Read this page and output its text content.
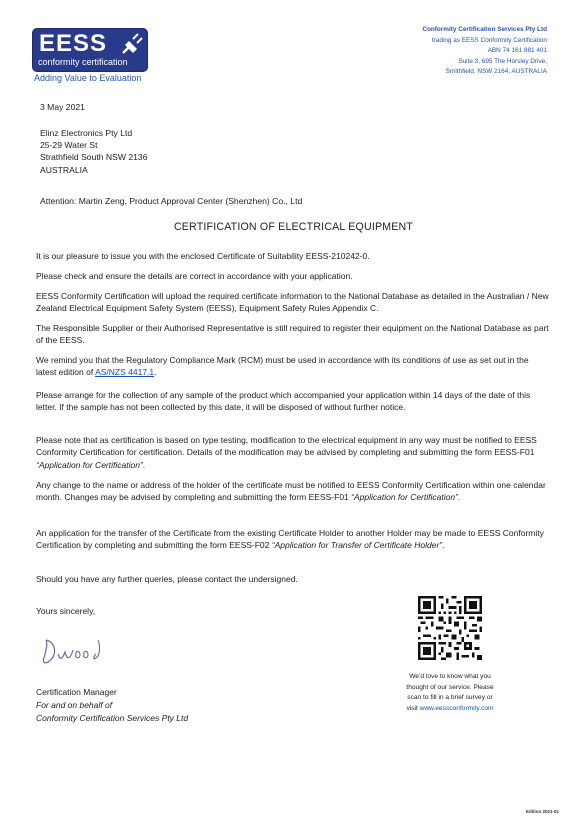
EESS
conformity certification
Adding Value to Evaluation
Conformity Certification Services Pty Ltd
trading as EESS Conformity Certification
ABN 74 161 881 401
Suite 3, 695 The Horsley Drive,
Smithfield, NSW 2164, AUSTRALIA
3 May 2021
Elinz Electronics Pty Ltd
25-29 Water St
Strathfield South NSW 2136
AUSTRALIA
Attention: Martin Zeng, Product Approval Center (Shenzhen) Co., Ltd
CERTIFICATION OF ELECTRICAL EQUIPMENT
It is our pleasure to issue you with the enclosed Certificate of Suitability EESS-210242-0.
Please check and ensure the details are correct in accordance with your application.
EESS Conformity Certification will upload the required certificate information to the National Database as detailed in the Australian / New Zealand Electrical Equipment Safety System (EESS), Equipment Safety Rules Appendix C.
The Responsible Supplier or their Authorised Representative is still required to register their equipment on the National Database as part of the EESS.
We remind you that the Regulatory Compliance Mark (RCM) must be used in accordance with its conditions of use as set out in the latest edition of AS/NZS 4417.1.
Please arrange for the collection of any sample of the product which accompanied your application within 14 days of the date of this letter. If the sample has not been collected by this date, it will be disposed of without further notice.
Please note that as certification is based on type testing, modification to the electrical equipment in any way must be notified to EESS Conformity Certification for certification. Details of the modification may be advised by completing and submitting the form EESS-F01 “Application for Certification”.
Any change to the name or address of the holder of the certificate must be notified to EESS Conformity Certification within one calendar month. Changes may be advised by completing and submitting the form EESS-F01 “Application for Certification”.
An application for the transfer of the Certificate from the existing Certificate Holder to another Holder may be made to EESS Conformity Certification by completing and submitting the form EESS-F02 “Application for Transfer of Certificate Holder”.
Should you have any further queries, please contact the undersigned.
Yours sincerely,
Certification Manager
For and on behalf of
Conformity Certification Services Pty Ltd
We’d love to know what you
thought of our service. Please
scan to fill in a brief survey or
visit www.eessconformity.com
Edition 2021-01
